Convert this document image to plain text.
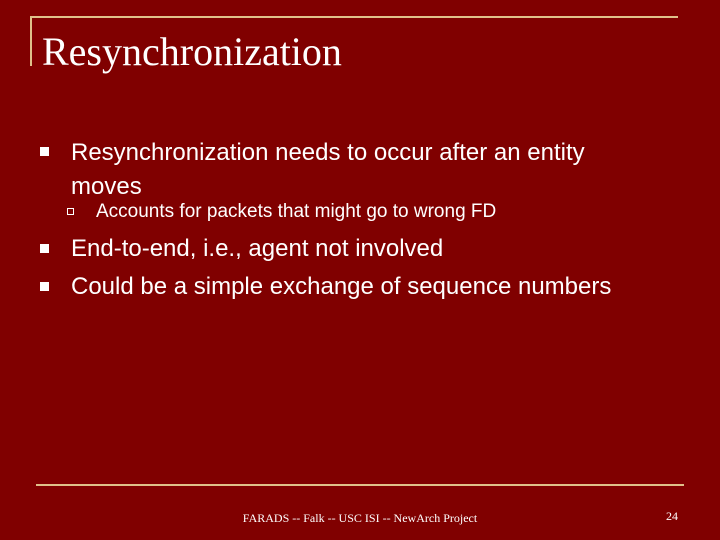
Resynchronization
Resynchronization needs to occur after an entity moves
Accounts for packets that might go to wrong FD
End-to-end, i.e., agent not involved
Could be a simple exchange of sequence numbers
FARADS -- Falk -- USC ISI -- NewArch Project	24
